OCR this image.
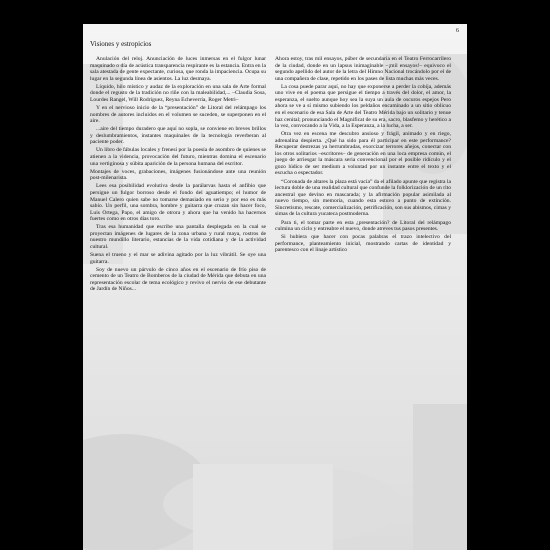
6
Visiones y estropicios

Anulación del reloj. Anunciación de luces inmersas en el fulgor lunar maquinado o día de acústica transparencia respirante es la estancia. Entra en la sala atestada de gente expectante, curiosa, que ronda la impaciencia. Ocupa su lugar en la segunda línea de asientos. La luz desmaya.

Líquido, hilo místico y audaz de la exploración en una sala de Arte formal donde el regusto de la tradición no riñe con la maleabilidad,... –Claudia Sosa, Lourdes Rangel, Will Rodríguez, Reyna Echeverría, Roger Metri–

Y en el nervioso inicio de la “presentación” de Litoral del relámpago los nombres de autores incluidos en el volumen se suceden, se superponen en el aire.

...aire del tiempo duradero que aquí no sopla, se conviene en breves brillos y deslumbramientos, instantes maquinales de la tecnología reverberan al paciente poder.

Un libro de fábulas locales y frenesí por la poesía de asombro de quienes se atienen a la videncia, provocación del futuro, mientras domina el escenario una vertiginosa y súbita aparición de la persona humana del escritor.

Montajes de voces, grabaciones, imágenes fusionándose ante una reunión post-milenarista.

Lees esa posibilidad evolutiva desde la parálarvas hasta el anfibio que persigue un fulgor borroso desde el fondo del aguatiempo; el humor de Manuel Calero quien sabe no tomarse demasiado en serio y por eso es más sabio. Un perfil, una sombra, hombre y guitarra que cruzan sin hacer foco, Luis Ortega, Papo, el amigo de otrora y ahora que ha venido ha hacernos fuertes como en otros días toro.

Tras esa humanidad que escribe una pantalla desplegada en la cual se proyectan imágenes de lugares de la zona urbana y rural maya, rostros de nuestro mundillo literario, estancias de la vida cotidiana y de la actividad cultural.

Suena el trueno y el mar se adivina agitado por la luz vibrátil. Se oye una guitarra.

Soy de nuevo un párvulo de cinco años en el escenario de frío piso de cemento de un Teatro de Bomberos de la ciudad de Mérida que debuta en una representación escolar de tema ecológico y revivo el nervio de ese debutante de Jardín de Niños...

Ahora estoy, tras mil ensayos, púber de secundaria en el Teatro Ferrocarrilero de la ciudad, donde en un lapsus inimaginable –¡mil ensayos!– equivoco el segundo apellido del autor de la letra del Himno Nacional trocándolo por el de una compañera de clase, repetido en los pases de lista muchas más veces.

La cosa puede parar aquí, no hay que exponerse a perder la cobija, además uno vive en el poema que persigue el tiempo a través del dolor, el amor, la esperanza, el suelto aunque hoy sea la suya un aula de oscuros espejos Pero ahora se ve a sí mismo subiendo los peldaños encaminado a un sitio oblicuo en el escenario de esa Sala de Arte del Teatro Mérida bajo un solitario y tenue haz cenital; pronunciando el Magnificat de su era, sacro, blasfemo y herético a la vez, convocando a la Vida, a la Esperanza, a la lucha, a ser.

Otra vez en escena me descubro ansioso y frágil, animado y en riego, adrenalina despierta. ¿Qué ha sido para él participar en este performance? Recuperar destrezas ya herrumbradas, exorcizar terrores añejos, conectar con los otros solitarios –escritores– de generación en una loca empresa común, el juego de arriesgar la máscara seria convencional por el posible ridículo y el gozo lúdico de ser medium a voluntad por un instante entre el texto y el escucha o espectador.

“Coronada de altares la plaza está vacía” da el afilado apunte que registra la lectura doble de una realidad cultural que confunde la folklorización de un rito ancestral que devino en mascarada; y la afirmación popular asimilada al nuevo tiempo, sin memoria, cuando esta estuvo a punto de extinción. Sincretismo, rescate, comercialización, petrificación, son sus abismos, cimas y simas de la cultura yucateca postmoderna.

Para ti, el tomar parte en esta ¿presentación? de Litoral del relámpago culmina un ciclo y entreabre el nuevo, donde atreves tus pasos presentes.

Si hubiera que hacer con pocas palabras el trazo intelectivo del performance, planteamiento inicial, mostrando cartas de identidad y parentesco con el linaje artístico
